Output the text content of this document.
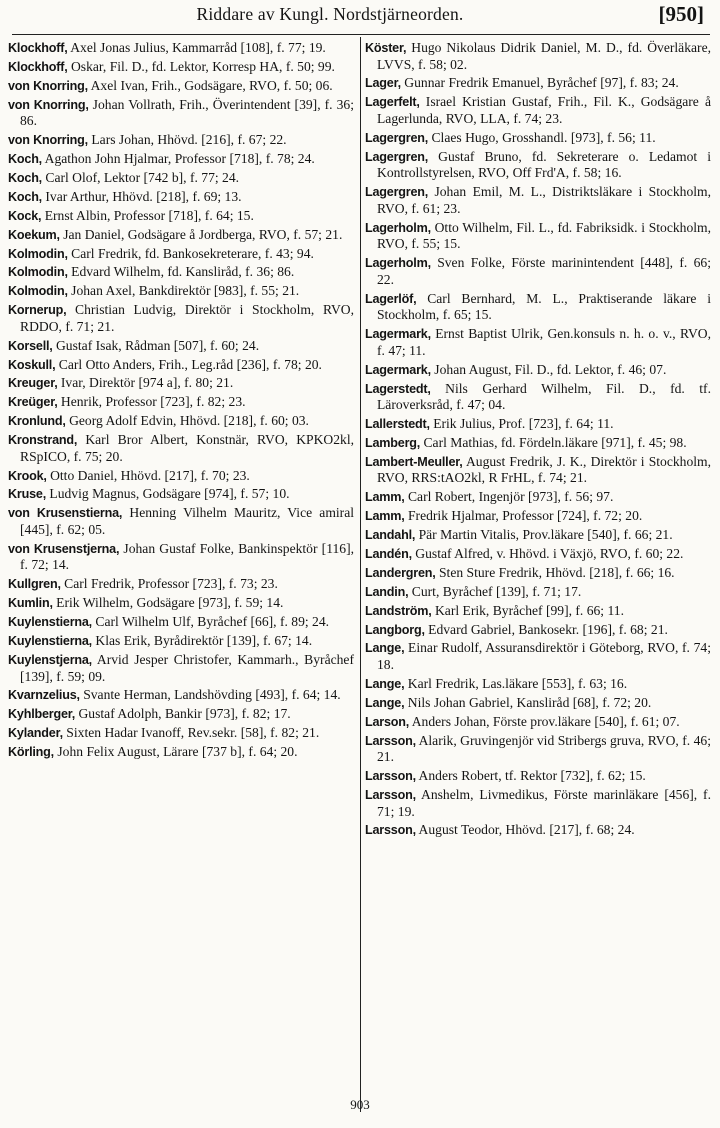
Riddare av Kungl. Nordstjärneorden.	[950]
Klockhoff, Axel Jonas Julius, Kammarråd [108], f. 77; 19.
Klockhoff, Oskar, Fil. D., fd. Lektor, Korresp HA, f. 50; 99.
von Knorring, Axel Ivan, Frih., Godsägare, RVO, f. 50; 06.
von Knorring, Johan Vollrath, Frih., Överintendent [39], f. 36; 86.
von Knorring, Lars Johan, Hhövd. [216], f. 67; 22.
Koch, Agathon John Hjalmar, Professor [718], f. 78; 24.
Koch, Carl Olof, Lektor [742 b], f. 77; 24.
Koch, Ivar Arthur, Hhövd. [218], f. 69; 13.
Kock, Ernst Albin, Professor [718], f. 64; 15.
Koekum, Jan Daniel, Godsägare å Jordberga, RVO, f. 57; 21.
Kolmodin, Carl Fredrik, fd. Bankosekreterare, f. 43; 94.
Kolmodin, Edvard Wilhelm, fd. Kansliråd, f. 36; 86.
Kolmodin, Johan Axel, Bankdirektör [983], f. 55; 21.
Kornerup, Christian Ludvig, Direktör i Stockholm, RVO, RDDO, f. 71; 21.
Korsell, Gustaf Isak, Rådman [507], f. 60; 24.
Koskull, Carl Otto Anders, Frih., Leg.råd [236], f. 78; 20.
Kreuger, Ivar, Direktör [974 a], f. 80; 21.
Kreüger, Henrik, Professor [723], f. 82; 23.
Kronlund, Georg Adolf Edvin, Hhövd. [218], f. 60; 03.
Kronstrand, Karl Bror Albert, Konstnär, RVO, KPKO2kl, RSpICO, f. 75; 20.
Krook, Otto Daniel, Hhövd. [217], f. 70; 23.
Kruse, Ludvig Magnus, Godsägare [974], f. 57; 10.
von Krusenstierna, Henning Vilhelm Mauritz, Vice amiral [445], f. 62; 05.
von Krusenstjerna, Johan Gustaf Folke, Bankinspektör [116], f. 72; 14.
Kullgren, Carl Fredrik, Professor [723], f. 73; 23.
Kumlin, Erik Wilhelm, Godsägare [973], f. 59; 14.
Kuylenstierna, Carl Wilhelm Ulf, Byråchef [66], f. 89; 24.
Kuylenstierna, Klas Erik, Byrådirektör [139], f. 67; 14.
Kuylenstjerna, Arvid Jesper Christofer, Kammarh., Byråchef [139], f. 59; 09.
Kvarnzelius, Svante Herman, Landshövding [493], f. 64; 14.
Kyhlberger, Gustaf Adolph, Bankir [973], f. 82; 17.
Kylander, Sixten Hadar Ivanoff, Rev.sekr. [58], f. 82; 21.
Körling, John Felix August, Lärare [737 b], f. 64; 20.
Köster, Hugo Nikolaus Didrik Daniel, M. D., fd. Överläkare, LVVS, f. 58; 02.
Lager, Gunnar Fredrik Emanuel, Byråchef [97], f. 83; 24.
Lagerfelt, Israel Kristian Gustaf, Frih., Fil. K., Godsägare å Lagerlunda, RVO, LLA, f. 74; 23.
Lagergren, Claes Hugo, Grosshandl. [973], f. 56; 11.
Lagergren, Gustaf Bruno, fd. Sekreterare o. Ledamot i Kontrollstyrelsen, RVO, Off Frd'A, f. 58; 16.
Lagergren, Johan Emil, M. L., Distriktsläkare i Stockholm, RVO, f. 61; 23.
Lagerholm, Otto Wilhelm, Fil. L., fd. Fabriksidk. i Stockholm, RVO, f. 55; 15.
Lagerholm, Sven Folke, Förste marinintendent [448], f. 66; 22.
Lagerlöf, Carl Bernhard, M. L., Praktiserande läkare i Stockholm, f. 65; 15.
Lagermark, Ernst Baptist Ulrik, Gen.konsuls n. h. o. v., RVO, f. 47; 11.
Lagermark, Johan August, Fil. D., fd. Lektor, f. 46; 07.
Lagerstedt, Nils Gerhard Wilhelm, Fil. D., fd. tf. Läroverksråd, f. 47; 04.
Lallerstedt, Erik Julius, Prof. [723], f. 64; 11.
Lamberg, Carl Mathias, fd. Fördeln.läkare [971], f. 45; 98.
Lambert-Meuller, August Fredrik, J. K., Direktör i Stockholm, RVO, RRS:tAO2kl, R FrHL, f. 74; 21.
Lamm, Carl Robert, Ingenjör [973], f. 56; 97.
Lamm, Fredrik Hjalmar, Professor [724], f. 72; 20.
Landahl, Pär Martin Vitalis, Prov.läkare [540], f. 66; 21.
Landén, Gustaf Alfred, v. Hhövd. i Växjö, RVO, f. 60; 22.
Landergren, Sten Sture Fredrik, Hhövd. [218], f. 66; 16.
Landin, Curt, Byråchef [139], f. 71; 17.
Landström, Karl Erik, Byråchef [99], f. 66; 11.
Langborg, Edvard Gabriel, Bankosekr. [196], f. 68; 21.
Lange, Einar Rudolf, Assuransdirektör i Göteborg, RVO, f. 74; 18.
Lange, Karl Fredrik, Las.läkare [553], f. 63; 16.
Lange, Nils Johan Gabriel, Kansliråd [68], f. 72; 20.
Larson, Anders Johan, Förste prov.läkare [540], f. 61; 07.
Larsson, Alarik, Gruvingenjör vid Stribergs gruva, RVO, f. 46; 21.
Larsson, Anders Robert, tf. Rektor [732], f. 62; 15.
Larsson, Anshelm, Livmedikus, Förste marinläkare [456], f. 71; 19.
Larsson, August Teodor, Hhövd. [217], f. 68; 24.
903
